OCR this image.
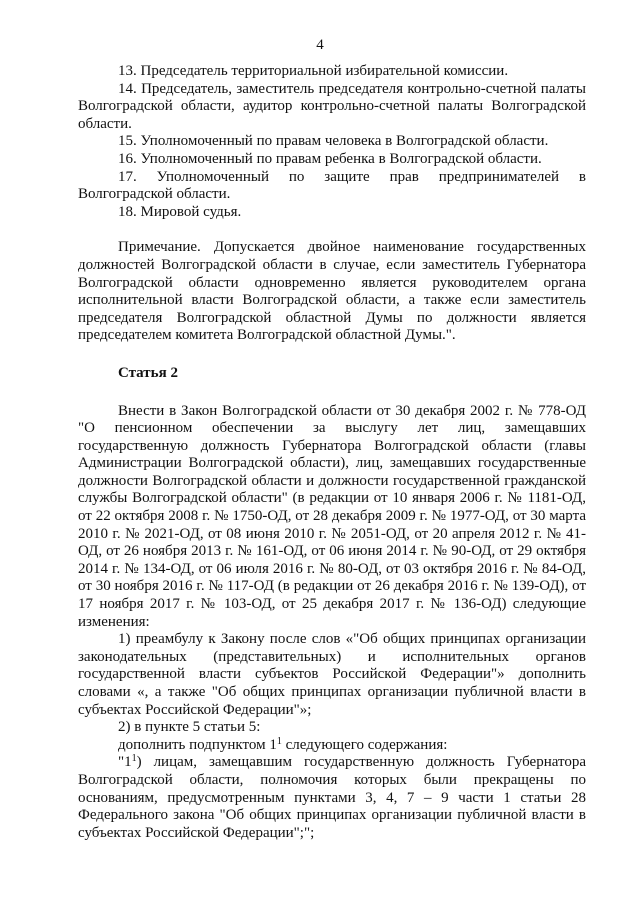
4

13. Председатель территориальной избирательной комиссии.

14. Председатель, заместитель председателя контрольно-счетной палаты Волгоградской области, аудитор контрольно-счетной палаты Волгоградской области.

15. Уполномоченный по правам человека в Волгоградской области.

16. Уполномоченный по правам ребенка в Волгоградской области.

17. Уполномоченный по защите прав предпринимателей в Волгоградской области.

18. Мировой судья.

Примечание. Допускается двойное наименование государственных должностей Волгоградской области в случае, если заместитель Губернатора Волгоградской области одновременно является руководителем органа исполнительной власти Волгоградской области, а также если заместитель председателя Волгоградской областной Думы по должности является председателем комитета Волгоградской областной Думы.".

Статья 2

Внести в Закон Волгоградской области от 30 декабря 2002 г. № 778-ОД "О пенсионном обеспечении за выслугу лет лиц, замещавших государственную должность Губернатора Волгоградской области (главы Администрации Волгоградской области), лиц, замещавших государственные должности Волгоградской области и должности государственной гражданской службы Волгоградской области" (в редакции от 10 января 2006 г. № 1181-ОД, от 22 октября 2008 г. № 1750-ОД, от 28 декабря 2009 г. № 1977-ОД, от 30 марта 2010 г. № 2021-ОД, от 08 июня 2010 г. № 2051-ОД, от 20 апреля 2012 г. № 41-ОД, от 26 ноября 2013 г. № 161-ОД, от 06 июня 2014 г. № 90-ОД, от 29 октября 2014 г. № 134-ОД, от 06 июля 2016 г. № 80-ОД, от 03 октября 2016 г. № 84-ОД, от 30 ноября 2016 г. № 117-ОД (в редакции от 26 декабря 2016 г. № 139-ОД), от 17 ноября 2017 г. № 103-ОД, от 25 декабря 2017 г. № 136-ОД) следующие изменения:

1) преамбулу к Закону после слов «"Об общих принципах организации законодательных (представительных) и исполнительных органов государственной власти субъектов Российской Федерации"» дополнить словами «, а также "Об общих принципах организации публичной власти в субъектах Российской Федерации"»;

2) в пункте 5 статьи 5:

дополнить подпунктом $1^1$ следующего содержания:

"$1^1$) лицам, замещавшим государственную должность Губернатора Волгоградской области, полномочия которых были прекращены по основаниям, предусмотренным пунктами 3, 4, 7 – 9 части 1 статьи 28 Федерального закона "Об общих принципах организации публичной власти в субъектах Российской Федерации";";
